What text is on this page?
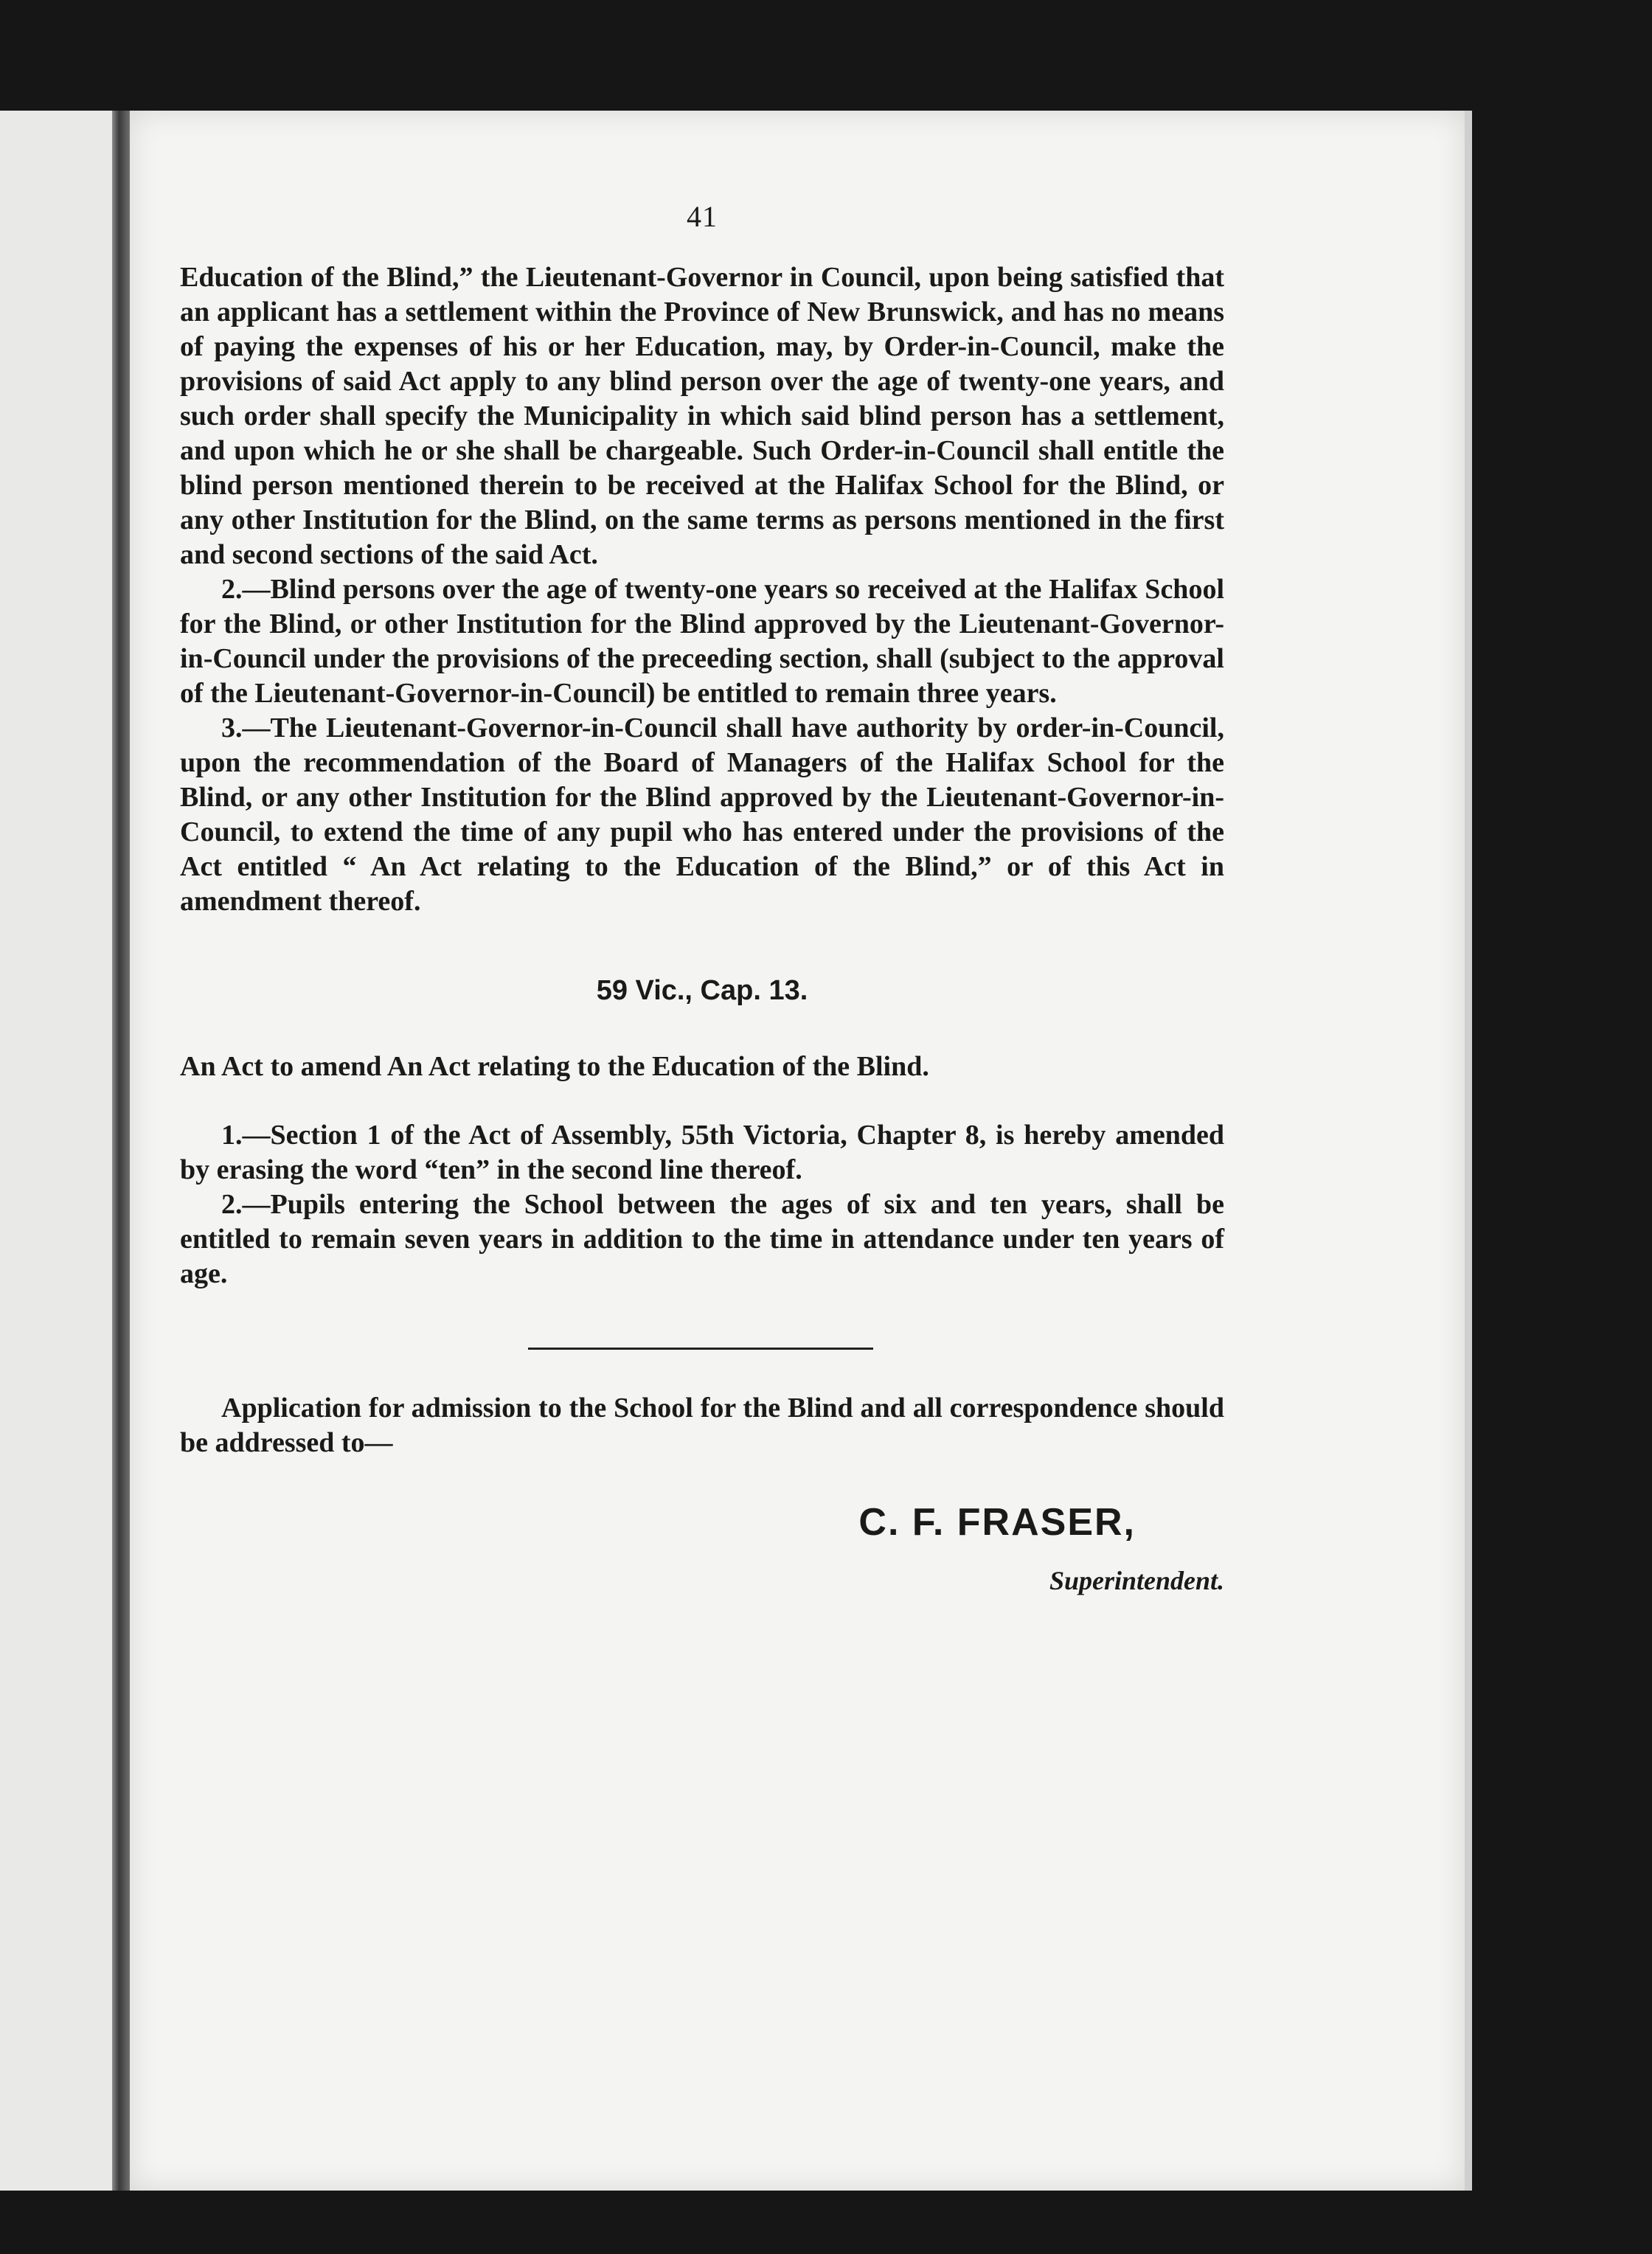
41

Education of the Blind,” the Lieutenant-Governor in Council, upon being satisfied that an applicant has a settlement within the Province of New Brunswick, and has no means of paying the expenses of his or her Education, may, by Order-in-Council, make the provisions of said Act apply to any blind person over the age of twenty-one years, and such order shall specify the Municipality in which said blind person has a settlement, and upon which he or she shall be chargeable. Such Order-in-Council shall entitle the blind person mentioned therein to be received at the Halifax School for the Blind, or any other Institution for the Blind, on the same terms as persons mentioned in the first and second sections of the said Act.

2.—Blind persons over the age of twenty-one years so received at the Halifax School for the Blind, or other Institution for the Blind approved by the Lieutenant-Governor-in-Council under the provisions of the preceeding section, shall (subject to the approval of the Lieutenant-Governor-in-Council) be entitled to remain three years.

3.—The Lieutenant-Governor-in-Council shall have authority by order-in-Council, upon the recommendation of the Board of Managers of the Halifax School for the Blind, or any other Institution for the Blind approved by the Lieutenant-Governor-in-Council, to extend the time of any pupil who has entered under the provisions of the Act entitled “ An Act relating to the Education of the Blind,” or of this Act in amendment thereof.

59 Vic., Cap. 13.

An Act to amend An Act relating to the Education of the Blind.

1.—Section 1 of the Act of Assembly, 55th Victoria, Chapter 8, is hereby amended by erasing the word “ten” in the second line thereof.

2.—Pupils entering the School between the ages of six and ten years, shall be entitled to remain seven years in addition to the time in attendance under ten years of age.

Application for admission to the School for the Blind and all correspondence should be addressed to—

C. F. FRASER,
Superintendent.
